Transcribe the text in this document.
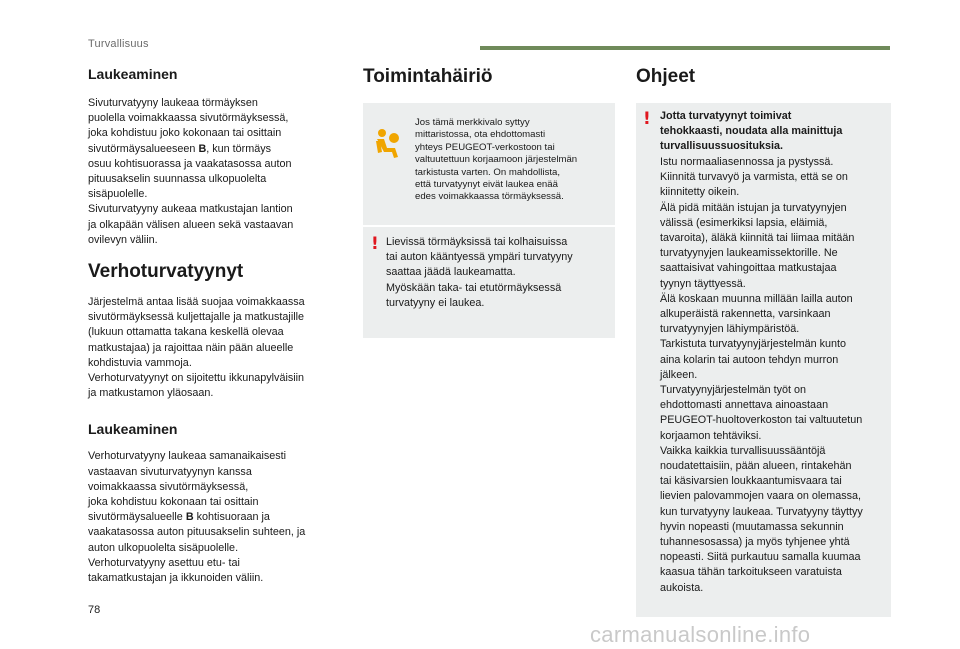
Turvallisuus
Laukeaminen

Sivuturvatyyny laukeaa törmäyksen
puolella voimakkaassa sivutörmäyksessä,
joka kohdistuu joko kokonaan tai osittain
sivutörmäysalueeseen B, kun törmäys
osuu kohtisuorassa ja vaakatasossa auton
pituusakselin suunnassa ulkopuolelta
sisäpuolelle.
Sivuturvatyyny aukeaa matkustajan lantion
ja olkapään välisen alueen sekä vastaavan
ovilevyn väliin.

Verhoturvatyynyt

Järjestelmä antaa lisää suojaa voimakkaassa
sivutörmäyksessä kuljettajalle ja matkustajille
(lukuun ottamatta takana keskellä olevaa
matkustajaa) ja rajoittaa näin pään alueelle
kohdistuvia vammoja.
Verhoturvatyynyt on sijoitettu ikkunapylväisiin
ja matkustamon yläosaan.

Laukeaminen

Verhoturvatyyny laukeaa samanaikaisesti
vastaavan sivuturvatyynyn kanssa
voimakkaassa sivutörmäyksessä,
joka kohdistuu kokonaan tai osittain
sivutörmäysalueelle B kohtisuoraan ja
vaakatasossa auton pituusakselin suhteen, ja
auton ulkopuolelta sisäpuolelle.
Verhoturvatyyny asettuu etu- tai
takamatkustajan ja ikkunoiden väliin.

Toimintahäiriö

Jos tämä merkkivalo syttyy
mittaristossa, ota ehdottomasti
yhteys PEUGEOT-verkostoon tai
valtuutettuun korjaamoon järjestelmän
tarkistusta varten. On mahdollista,
että turvatyynyt eivät laukea enää
edes voimakkaassa törmäyksessä.

! Lievissä törmäyksissä tai kolhaisuissa
tai auton kääntyessä ympäri turvatyyny
saattaa jäädä laukeamatta.
Myöskään taka- tai etutörmäyksessä
turvatyyny ei laukea.

Ohjeet
! Jotta turvatyynyt toimivat
tehokkaasti, noudata alla mainittuja
turvallisuussuosituksia.

Istu normaaliasennossa ja pystyssä.
Kiinnitä turvavyö ja varmista, että se on
kiinnitetty oikein.
Älä pidä mitään istujan ja turvatyynyjen
välissä (esimerkiksi lapsia, eläimiä,
tavaroita), äläkä kiinnitä tai liimaa mitään
turvatyynyjen laukeamissektorille. Ne
saattaisivat vahingoittaa matkustajaa
tyynyn täyttyessä.
Älä koskaan muunna millään lailla auton
alkuperäistä rakennetta, varsinkaan
turvatyynyjen lähiympäristöä.
Tarkistuta turvatyynyjärjestelmän kunto
aina kolarin tai autoon tehdyn murron
jälkeen.
Turvatyynyjärjestelmän työt on
ehdottomasti annettava ainoastaan
PEUGEOT-huoltoverkoston tai valtuutetun
korjaamon tehtäviksi.
Vaikka kaikkia turvallisuussääntöjä
noudatettaisiin, pään alueen, rintakehän
tai käsivarsien loukkaantumisvaara tai
lievien palovammojen vaara on olemassa,
kun turvatyyny laukeaa. Turvatyyny täyttyy
hyvin nopeasti (muutamassa sekunnin
tuhannesosassa) ja myös tyhjenee yhtä
nopeasti. Siitä purkautuu samalla kuumaa
kaasua tähän tarkoitukseen varatuista
aukoista.

78
carmanualsonline.info
